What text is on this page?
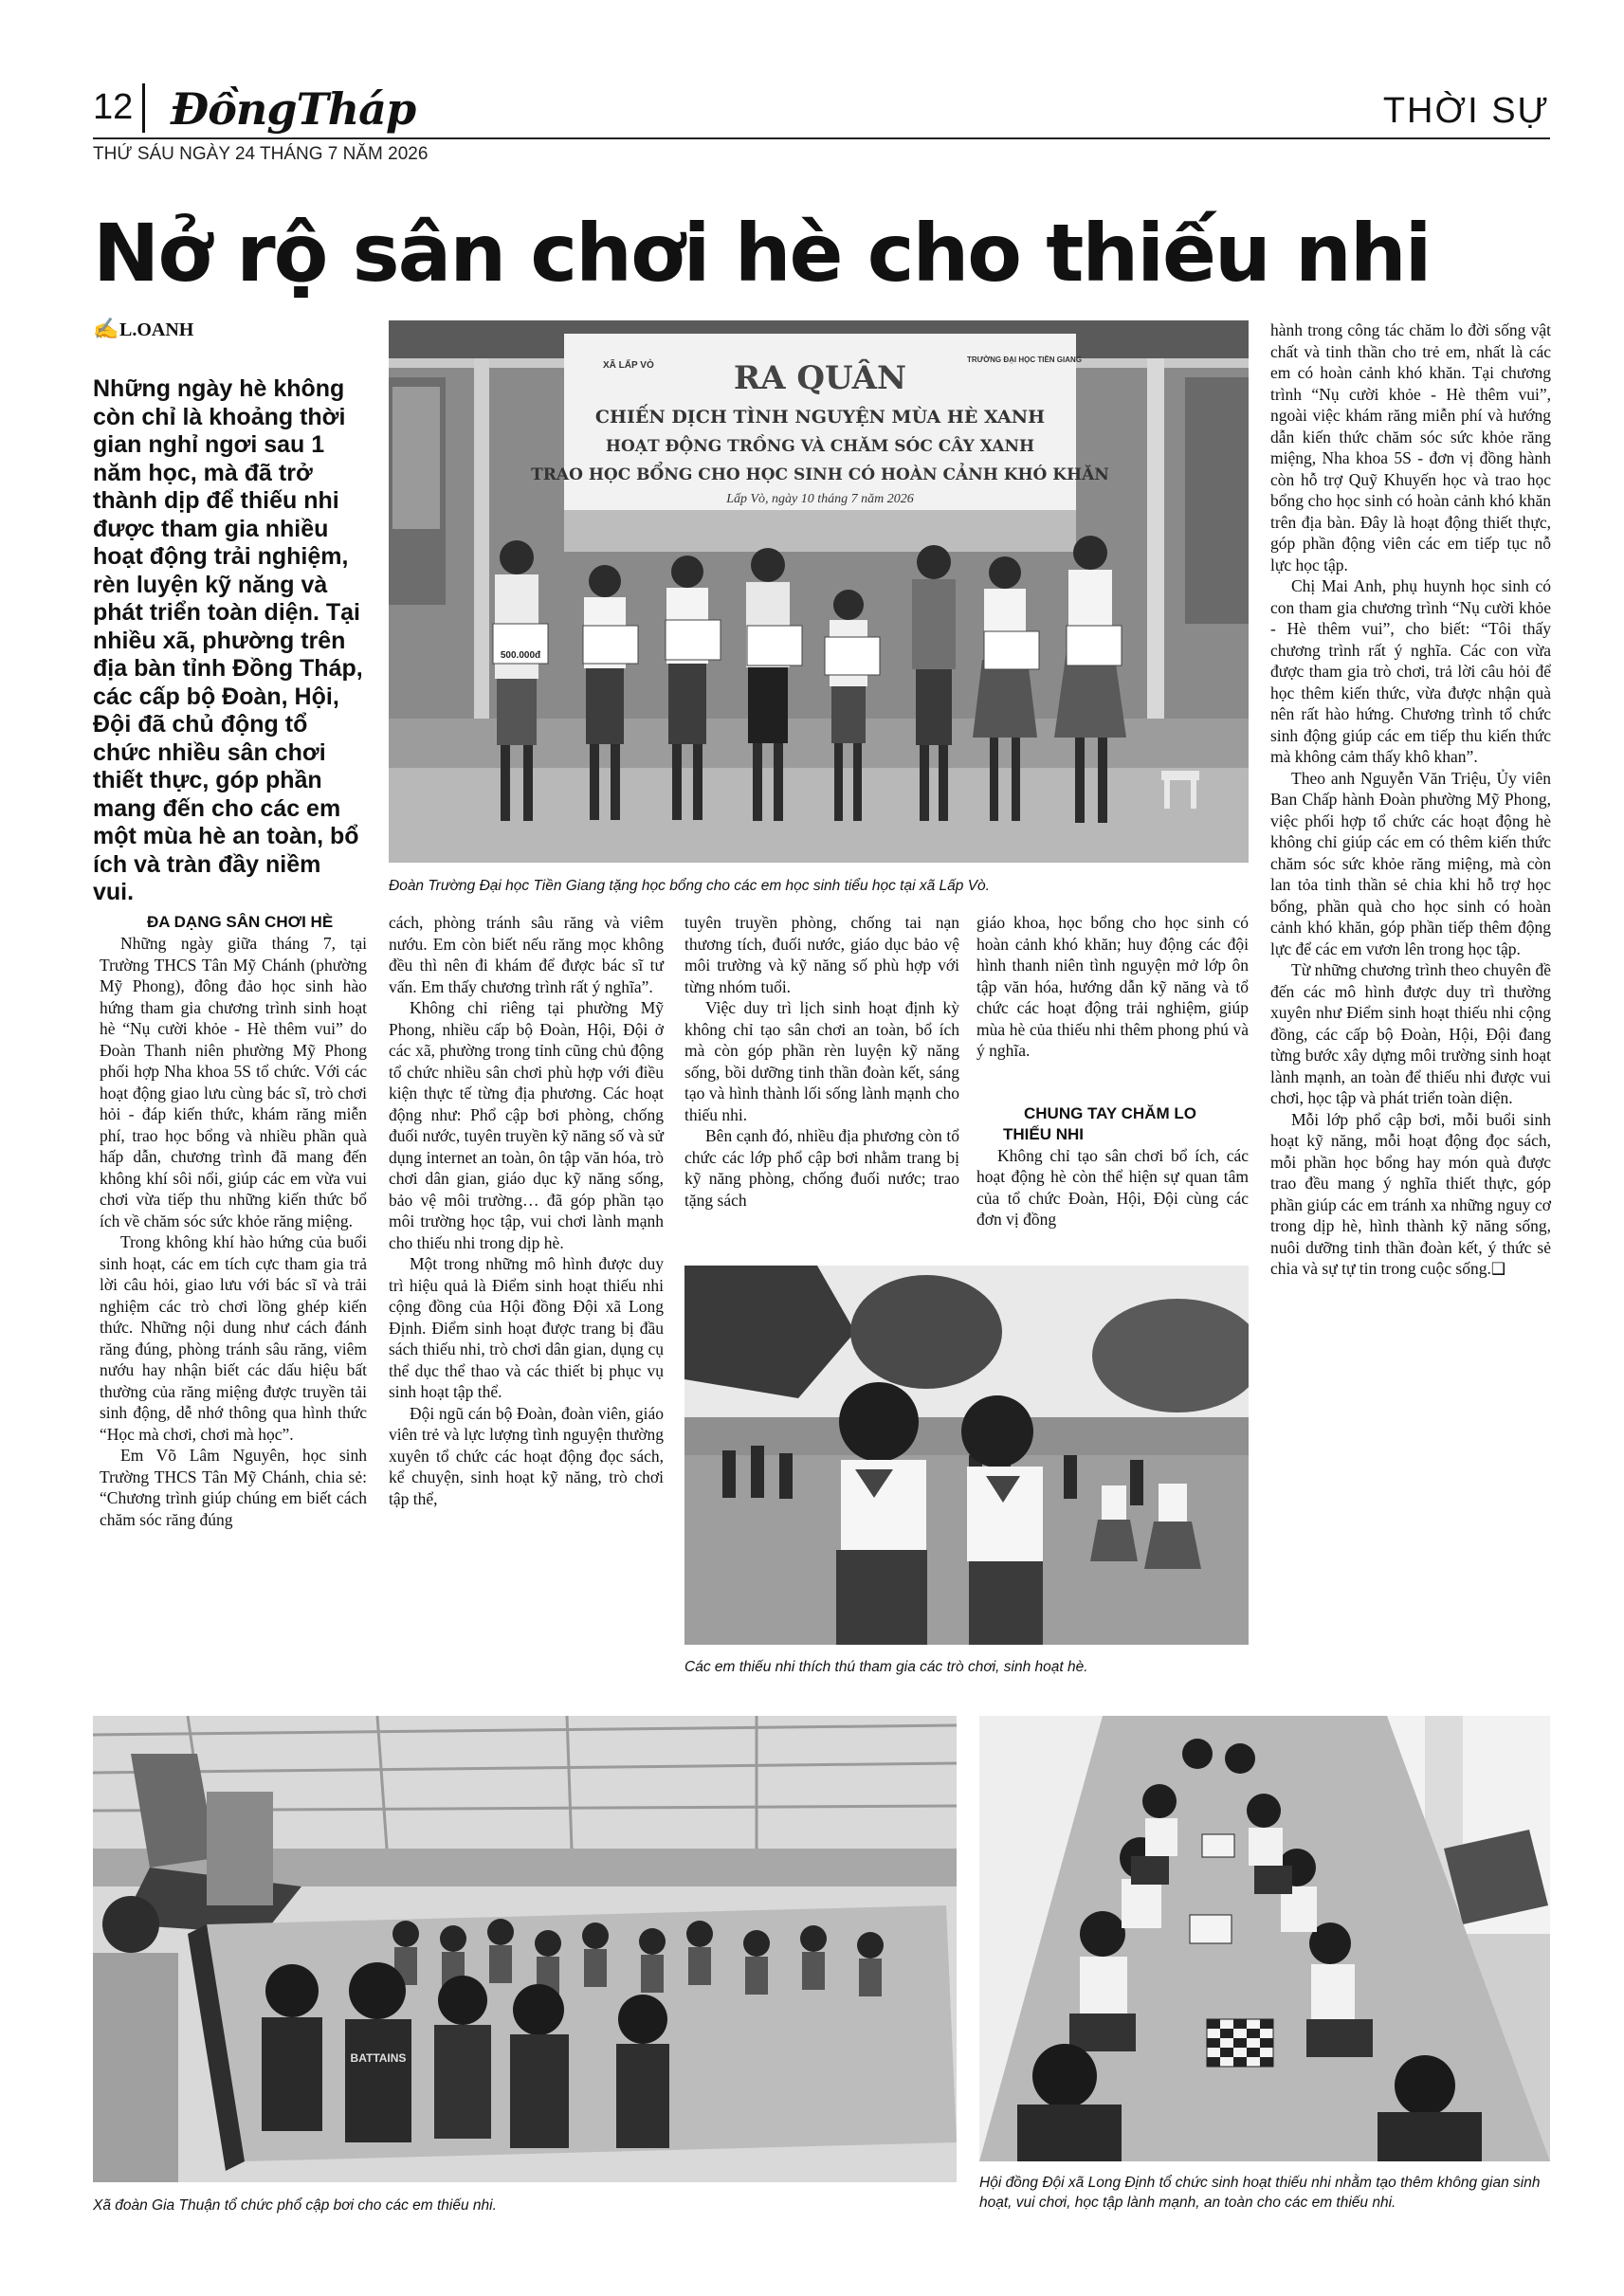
12 ĐồngTháp	THỜI SỰ
THỨ SÁU NGÀY 24 THÁNG 7 NĂM 2026
Nở rộ sân chơi hè cho thiếu nhi
✍L.OANH
Những ngày hè không còn chỉ là khoảng thời gian nghỉ ngơi sau 1 năm học, mà đã trở thành dịp để thiếu nhi được tham gia nhiều hoạt động trải nghiệm, rèn luyện kỹ năng và phát triển toàn diện. Tại nhiều xã, phường trên địa bàn tỉnh Đồng Tháp, các cấp bộ Đoàn, Hội, Đội đã chủ động tổ chức nhiều sân chơi thiết thực, góp phần mang đến cho các em một mùa hè an toàn, bổ ích và tràn đầy niềm vui.
XÃ LẤP VÒ
TRƯỜNG ĐẠI HỌC TIỀN GIANG
RA QUÂN
CHIẾN DỊCH TÌNH NGUYỆN MÙA HÈ XANH
HOẠT ĐỘNG TRỒNG VÀ CHĂM SÓC CÂY XANH
TRAO HỌC BỔNG CHO HỌC SINH CÓ HOÀN CẢNH KHÓ KHĂN
Lấp Vò, ngày 10 tháng 7 năm 2026
500.000đ
Đoàn Trường Đại học Tiền Giang tặng học bổng cho các em học sinh tiểu học tại xã Lấp Vò.

ĐA DẠNG SÂN CHƠI HÈ

Những ngày giữa tháng 7, tại Trường THCS Tân Mỹ Chánh (phường Mỹ Phong), đông đảo học sinh hào hứng tham gia chương trình sinh hoạt hè “Nụ cười khỏe - Hè thêm vui” do Đoàn Thanh niên phường Mỹ Phong phối hợp Nha khoa 5S tổ chức. Với các hoạt động giao lưu cùng bác sĩ, trò chơi hỏi - đáp kiến thức, khám răng miễn phí, trao học bổng và nhiều phần quà hấp dẫn, chương trình đã mang đến không khí sôi nổi, giúp các em vừa vui chơi vừa tiếp thu những kiến thức bổ ích về chăm sóc sức khỏe răng miệng.

Trong không khí hào hứng của buổi sinh hoạt, các em tích cực tham gia trả lời câu hỏi, giao lưu với bác sĩ và trải nghiệm các trò chơi lồng ghép kiến thức. Những nội dung như cách đánh răng đúng, phòng tránh sâu răng, viêm nướu hay nhận biết các dấu hiệu bất thường của răng miệng được truyền tải sinh động, dễ nhớ thông qua hình thức “Học mà chơi, chơi mà học”.

Em Võ Lâm Nguyên, học sinh Trường THCS Tân Mỹ Chánh, chia sẻ: “Chương trình giúp chúng em biết cách chăm sóc răng đúng

cách, phòng tránh sâu răng và viêm nướu. Em còn biết nếu răng mọc không đều thì nên đi khám để được bác sĩ tư vấn. Em thấy chương trình rất ý nghĩa”.

Không chỉ riêng tại phường Mỹ Phong, nhiều cấp bộ Đoàn, Hội, Đội ở các xã, phường trong tỉnh cũng chủ động tổ chức nhiều sân chơi phù hợp với điều kiện thực tế từng địa phương. Các hoạt động như: Phổ cập bơi phòng, chống đuối nước, tuyên truyền kỹ năng số và sử dụng internet an toàn, ôn tập văn hóa, trò chơi dân gian, giáo dục kỹ năng sống, bảo vệ môi trường… đã góp phần tạo môi trường học tập, vui chơi lành mạnh cho thiếu nhi trong dịp hè.

Một trong những mô hình được duy trì hiệu quả là Điểm sinh hoạt thiếu nhi cộng đồng của Hội đồng Đội xã Long Định. Điểm sinh hoạt được trang bị đầu sách thiếu nhi, trò chơi dân gian, dụng cụ thể dục thể thao và các thiết bị phục vụ sinh hoạt tập thể.

Đội ngũ cán bộ Đoàn, đoàn viên, giáo viên trẻ và lực lượng tình nguyện thường xuyên tổ chức các hoạt động đọc sách, kể chuyện, sinh hoạt kỹ năng, trò chơi tập thể,

tuyên truyền phòng, chống tai nạn thương tích, đuối nước, giáo dục bảo vệ môi trường và kỹ năng số phù hợp với từng nhóm tuổi.

Việc duy trì lịch sinh hoạt định kỳ không chỉ tạo sân chơi an toàn, bổ ích mà còn góp phần rèn luyện kỹ năng sống, bồi dưỡng tinh thần đoàn kết, sáng tạo và hình thành lối sống lành mạnh cho thiếu nhi.

Bên cạnh đó, nhiều địa phương còn tổ chức các lớp phổ cập bơi nhằm trang bị kỹ năng phòng, chống đuối nước; trao tặng sách

giáo khoa, học bổng cho học sinh có hoàn cảnh khó khăn; huy động các đội hình thanh niên tình nguyện mở lớp ôn tập văn hóa, hướng dẫn kỹ năng và tổ chức các hoạt động trải nghiệm, giúp mùa hè của thiếu nhi thêm phong phú và ý nghĩa.

CHUNG TAY CHĂM LO THIẾU NHI

Không chỉ tạo sân chơi bổ ích, các hoạt động hè còn thể hiện sự quan tâm của tổ chức Đoàn, Hội, Đội cùng các đơn vị đồng

Các em thiếu nhi thích thú tham gia các trò chơi, sinh hoạt hè.

hành trong công tác chăm lo đời sống vật chất và tinh thần cho trẻ em, nhất là các em có hoàn cảnh khó khăn. Tại chương trình “Nụ cười khỏe - Hè thêm vui”, ngoài việc khám răng miễn phí và hướng dẫn kiến thức chăm sóc sức khỏe răng miệng, Nha khoa 5S - đơn vị đồng hành còn hỗ trợ Quỹ Khuyến học và trao học bổng cho học sinh có hoàn cảnh khó khăn trên địa bàn. Đây là hoạt động thiết thực, góp phần động viên các em tiếp tục nỗ lực học tập.

Chị Mai Anh, phụ huynh học sinh có con tham gia chương trình “Nụ cười khỏe - Hè thêm vui”, cho biết: “Tôi thấy chương trình rất ý nghĩa. Các con vừa được tham gia trò chơi, trả lời câu hỏi để học thêm kiến thức, vừa được nhận quà nên rất hào hứng. Chương trình tổ chức sinh động giúp các em tiếp thu kiến thức mà không cảm thấy khô khan”.

Theo anh Nguyễn Văn Triệu, Ủy viên Ban Chấp hành Đoàn phường Mỹ Phong, việc phối hợp tổ chức các hoạt động hè không chỉ giúp các em có thêm kiến thức chăm sóc sức khỏe răng miệng, mà còn lan tỏa tinh thần sẻ chia khi hỗ trợ học bổng, phần quà cho học sinh có hoàn cảnh khó khăn, góp phần tiếp thêm động lực để các em vươn lên trong học tập.

Từ những chương trình theo chuyên đề đến các mô hình được duy trì thường xuyên như Điểm sinh hoạt thiếu nhi cộng đồng, các cấp bộ Đoàn, Hội, Đội đang từng bước xây dựng môi trường sinh hoạt lành mạnh, an toàn để thiếu nhi được vui chơi, học tập và phát triển toàn diện.

Mỗi lớp phổ cập bơi, mỗi buổi sinh hoạt kỹ năng, mỗi hoạt động đọc sách, mỗi phần học bổng hay món quà được trao đều mang ý nghĩa thiết thực, góp phần giúp các em tránh xa những nguy cơ trong dịp hè, hình thành kỹ năng sống, nuôi dưỡng tinh thần đoàn kết, ý thức sẻ chia và sự tự tin trong cuộc sống.❑

BATTAINS
Xã đoàn Gia Thuận tổ chức phổ cập bơi cho các em thiếu nhi.
Hội đồng Đội xã Long Định tổ chức sinh hoạt thiếu nhi nhằm tạo thêm không gian sinh hoạt, vui chơi, học tập lành mạnh, an toàn cho các em thiếu nhi.
